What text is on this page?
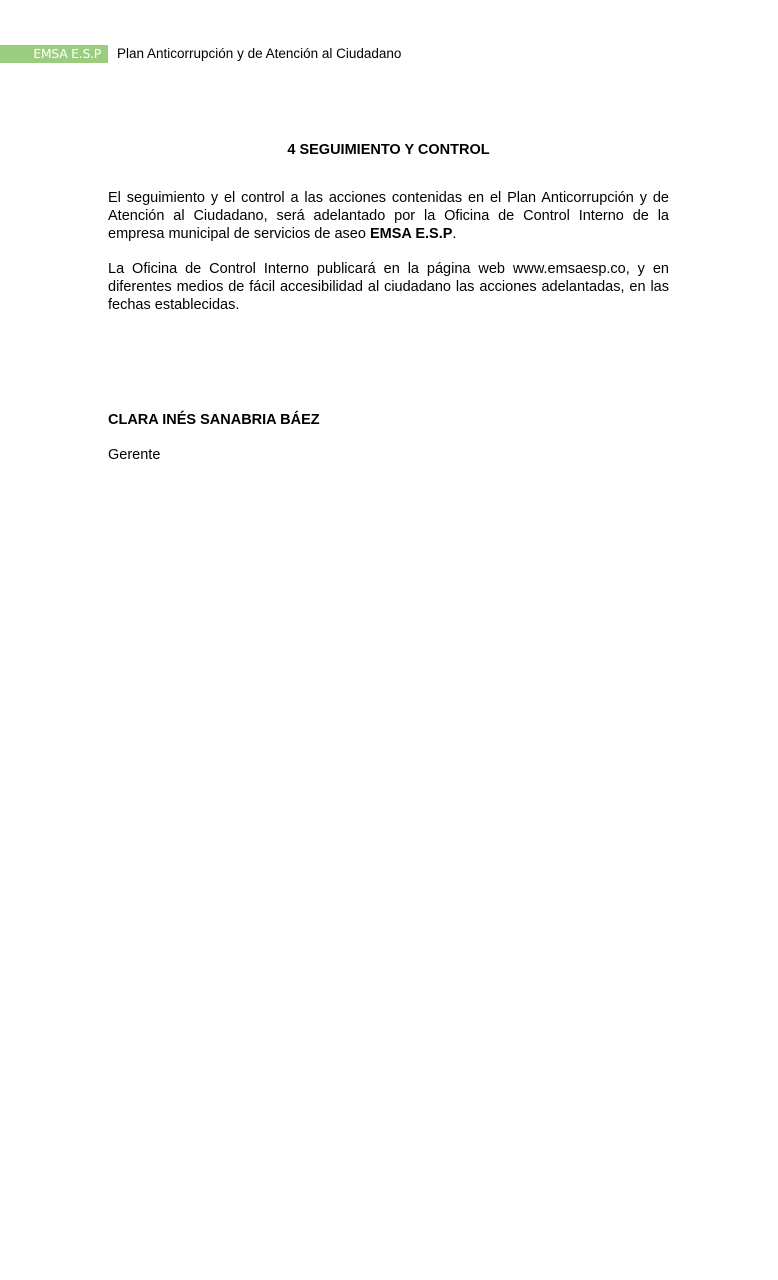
EMSA E.S.P	Plan Anticorrupción y de Atención al Ciudadano
4 SEGUIMIENTO Y CONTROL

El seguimiento y el control a las acciones contenidas en el Plan Anticorrupción y de Atención al Ciudadano, será adelantado por la Oficina de Control Interno de la empresa municipal de servicios de aseo EMSA E.S.P.

La Oficina de Control Interno publicará en la página web www.emsaesp.co, y en diferentes medios de fácil accesibilidad al ciudadano las acciones adelantadas, en las fechas establecidas.

CLARA INÉS SANABRIA BÁEZ
Gerente
